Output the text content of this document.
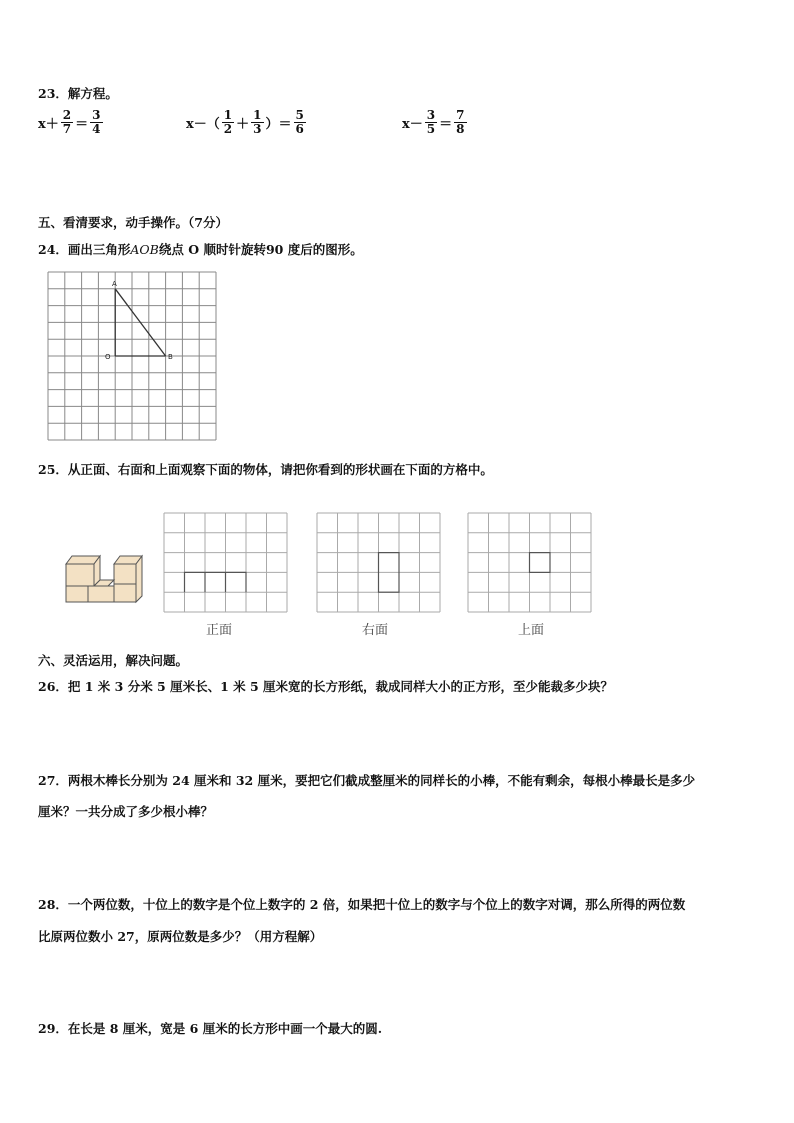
23．解方程。
$x+ \frac{2}{7} = \frac{3}{4}$	$x-( \frac{1}{2} + \frac{1}{3}$ ）＝ $\frac{5}{6}$	$x- \frac{3}{5} = \frac{7}{8}$
五、看清要求，动手操作。（7分）
24．画出三角形AOB绕点 O 顺时针旋转90 度后的图形。
A
O	B
25．从正面、右面和上面观察下面的物体，请把你看到的形状画在下面的方格中。
正面	右面	上面
六、灵活运用，解决问题。
26．把 1 米 3 分米 5 厘米长、1 米 5 厘米宽的长方形纸，裁成同样大小的正方形，至少能裁多少块？
27．两根木棒长分别为 24 厘米和 32 厘米，要把它们截成整厘米的同样长的小棒，不能有剩余，每根小棒最长是多少
厘米？一共分成了多少根小棒？
28．一个两位数，十位上的数字是个位上数字的 2 倍，如果把十位上的数字与个位上的数字对调，那么所得的两位数
比原两位数小 27，原两位数是多少？（用方程解）
29．在长是 8 厘米，宽是 6 厘米的长方形中画一个最大的圆.
